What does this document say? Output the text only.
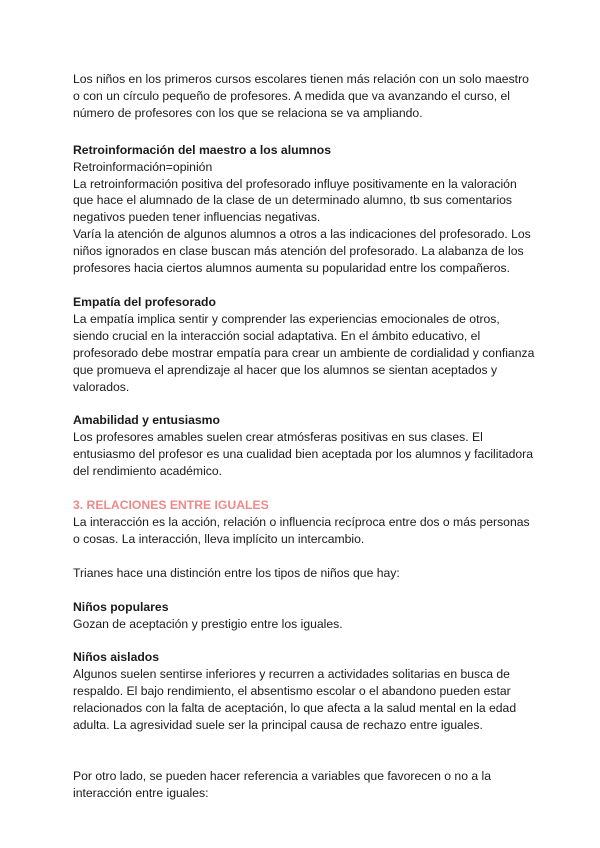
Los niños en los primeros cursos escolares tienen más relación con un solo maestro o con un círculo pequeño de profesores. A medida que va avanzando el curso, el número de profesores con los que se relaciona se va ampliando.

Retroinformación del maestro a los alumnos

Retroinformación=opinión

La retroinformación positiva del profesorado influye positivamente en la valoración que hace el alumnado de la clase de un determinado alumno, tb sus comentarios negativos pueden tener influencias negativas.

Varía la atención de algunos alumnos a otros a las indicaciones del profesorado. Los niños ignorados en clase buscan más atención del profesorado. La alabanza de los profesores hacia ciertos alumnos aumenta su popularidad entre los compañeros.

Empatía del profesorado

La empatía implica sentir y comprender las experiencias emocionales de otros, siendo crucial en la interacción social adaptativa. En el ámbito educativo, el profesorado debe mostrar empatía para crear un ambiente de cordialidad y confianza que promueva el aprendizaje al hacer que los alumnos se sientan aceptados y valorados.

Amabilidad y entusiasmo

Los profesores amables suelen crear atmósferas positivas en sus clases. El entusiasmo del profesor es una cualidad bien aceptada por los alumnos y facilitadora del rendimiento académico.

3. RELACIONES ENTRE IGUALES

La interacción es la acción, relación o influencia recíproca entre dos o más personas o cosas. La interacción, lleva implícito un intercambio.

Trianes hace una distinción entre los tipos de niños que hay:

Niños populares

Gozan de aceptación y prestigio entre los iguales.

Niños aislados

Algunos suelen sentirse inferiores y recurren a actividades solitarias en busca de respaldo. El bajo rendimiento, el absentismo escolar o el abandono pueden estar relacionados con la falta de aceptación, lo que afecta a la salud mental en la edad adulta. La agresividad suele ser la principal causa de rechazo entre iguales.

Por otro lado, se pueden hacer referencia a variables que favorecen o no a la interacción entre iguales:
